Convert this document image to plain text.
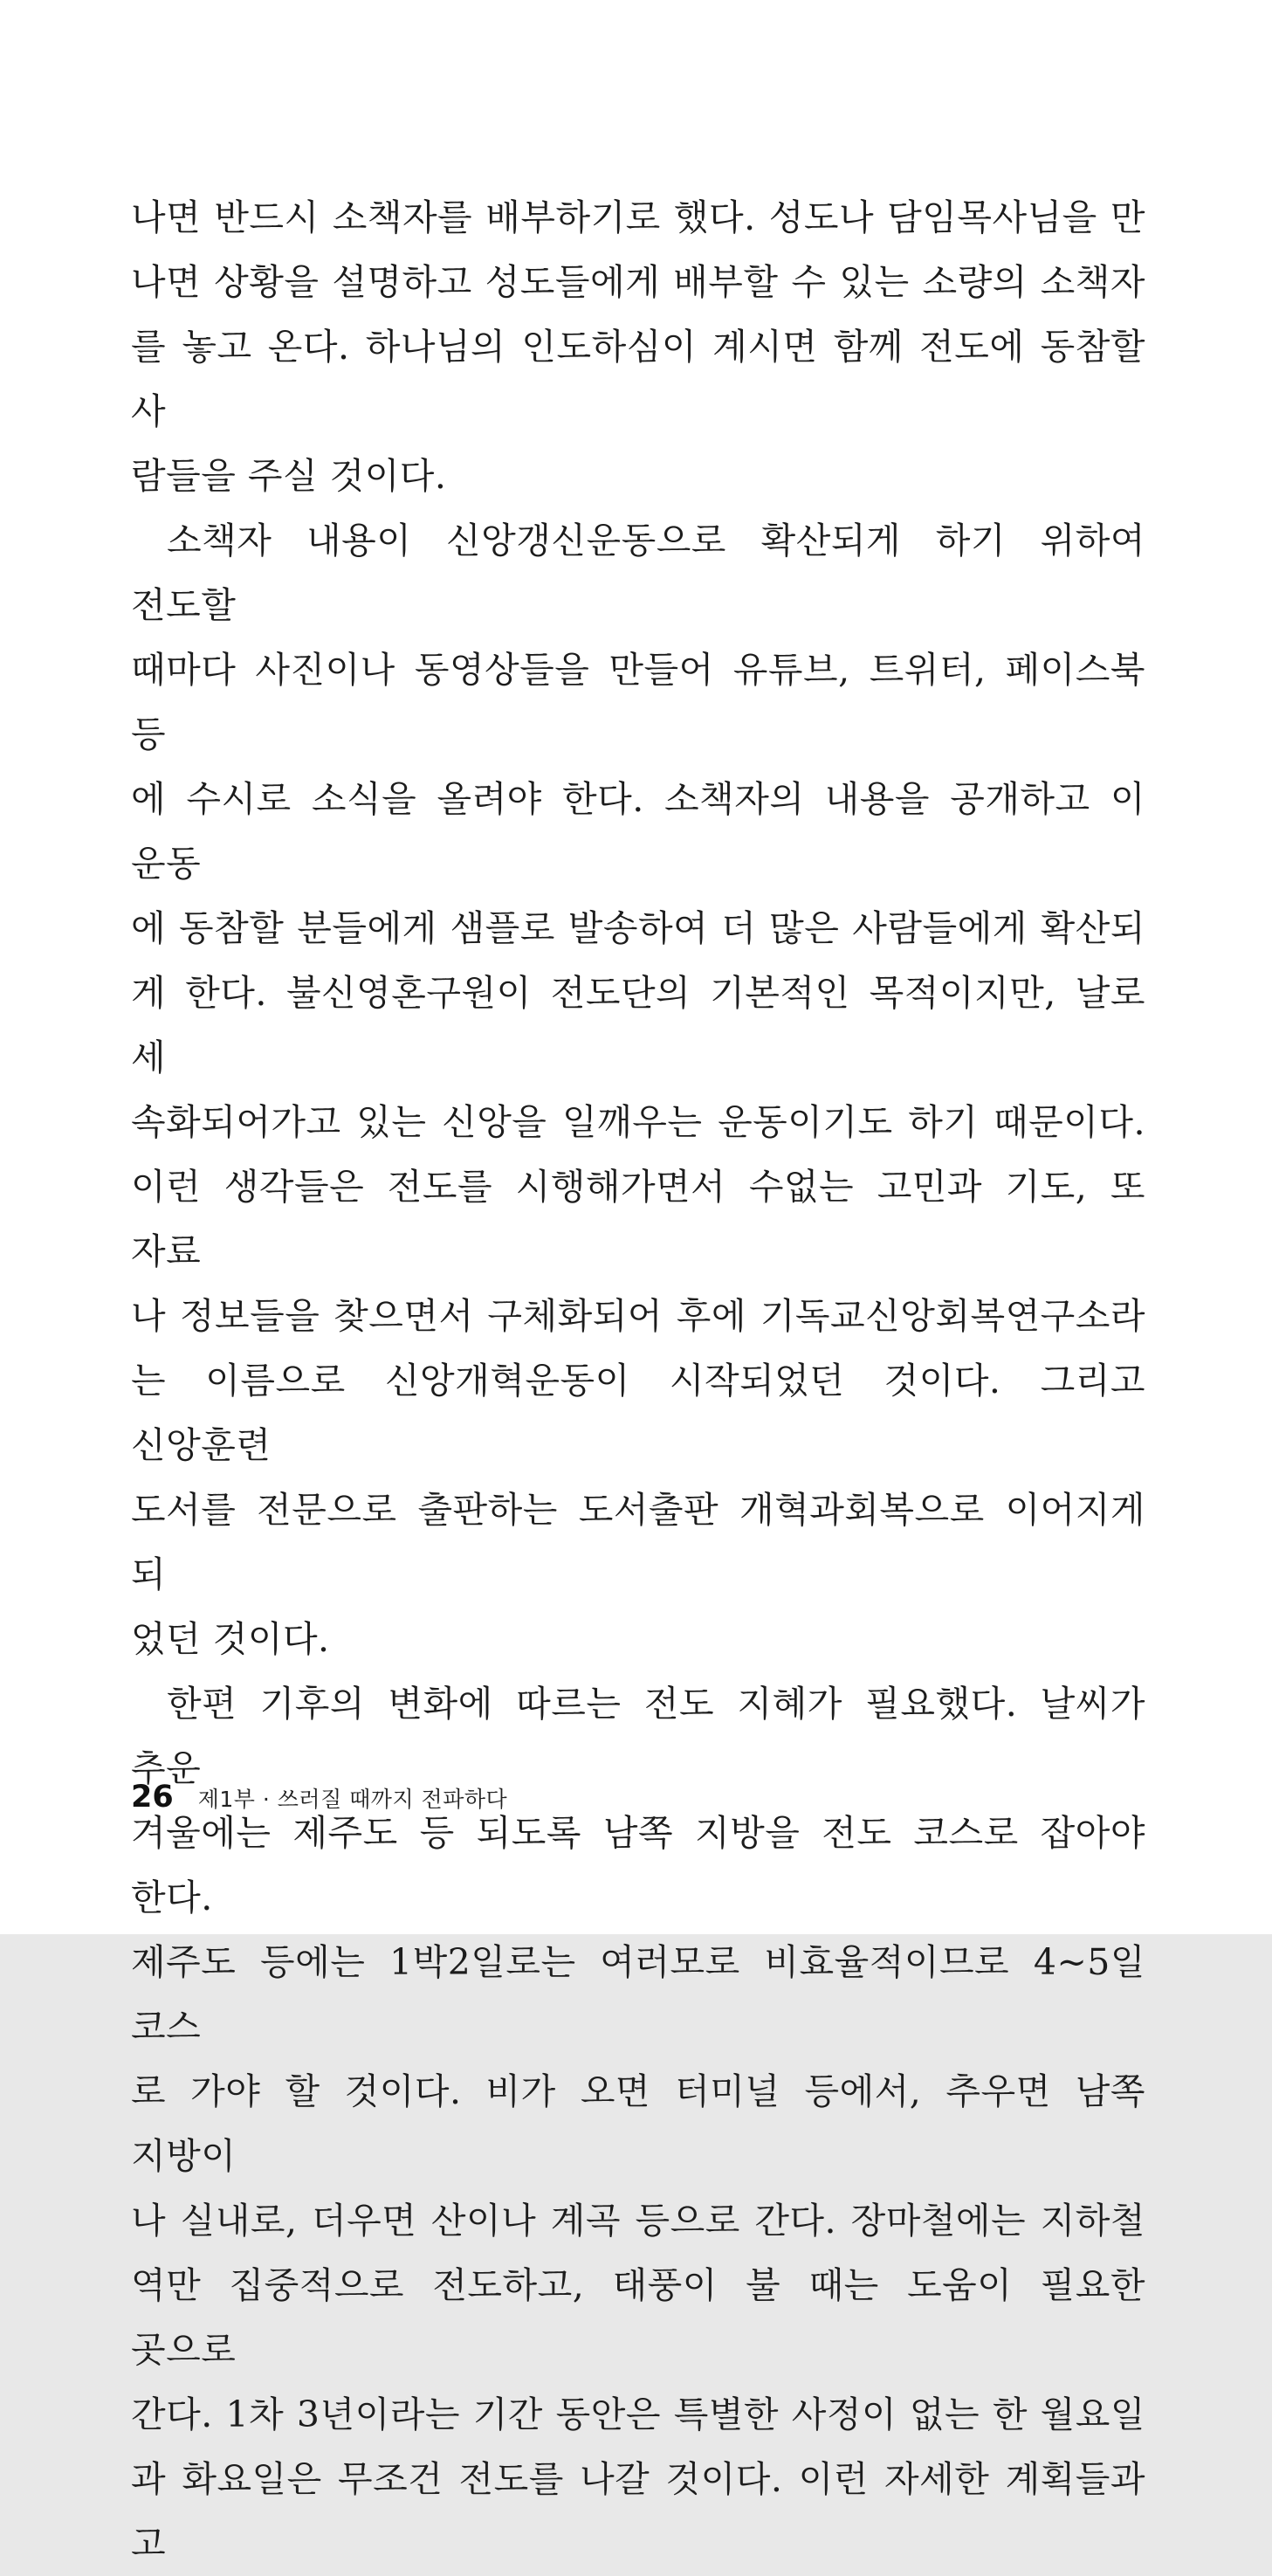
나면 반드시 소책자를 배부하기로 했다. 성도나 담임목사님을 만
나면 상황을 설명하고 성도들에게 배부할 수 있는 소량의 소책자
를 놓고 온다. 하나님의 인도하심이 계시면 함께 전도에 동참할 사
람들을 주실 것이다.
소책자 내용이 신앙갱신운동으로 확산되게 하기 위하여 전도할
때마다 사진이나 동영상들을 만들어 유튜브, 트위터, 페이스북 등
에 수시로 소식을 올려야 한다. 소책자의 내용을 공개하고 이 운동
에 동참할 분들에게 샘플로 발송하여 더 많은 사람들에게 확산되
게 한다. 불신영혼구원이 전도단의 기본적인 목적이지만, 날로 세
속화되어가고 있는 신앙을 일깨우는 운동이기도 하기 때문이다.
이런 생각들은 전도를 시행해가면서 수없는 고민과 기도, 또 자료
나 정보들을 찾으면서 구체화되어 후에 기독교신앙회복연구소라
는 이름으로 신앙개혁운동이 시작되었던 것이다. 그리고 신앙훈련
도서를 전문으로 출판하는 도서출판 개혁과회복으로 이어지게 되
었던 것이다.
한편 기후의 변화에 따르는 전도 지혜가 필요했다. 날씨가 추운
겨울에는 제주도 등 되도록 남쪽 지방을 전도 코스로 잡아야 한다.
제주도 등에는 1박2일로는 여러모로 비효율적이므로 4~5일 코스
로 가야 할 것이다. 비가 오면 터미널 등에서, 추우면 남쪽 지방이
나 실내로, 더우면 산이나 계곡 등으로 간다. 장마철에는 지하철
역만 집중적으로 전도하고, 태풍이 불 때는 도움이 필요한 곳으로
간다. 1차 3년이라는 기간 동안은 특별한 사정이 없는 한 월요일
과 화요일은 무조건 전도를 나갈 것이다. 이런 자세한 계획들과 고
26 제1부 · 쓰러질 때까지 전파하다
